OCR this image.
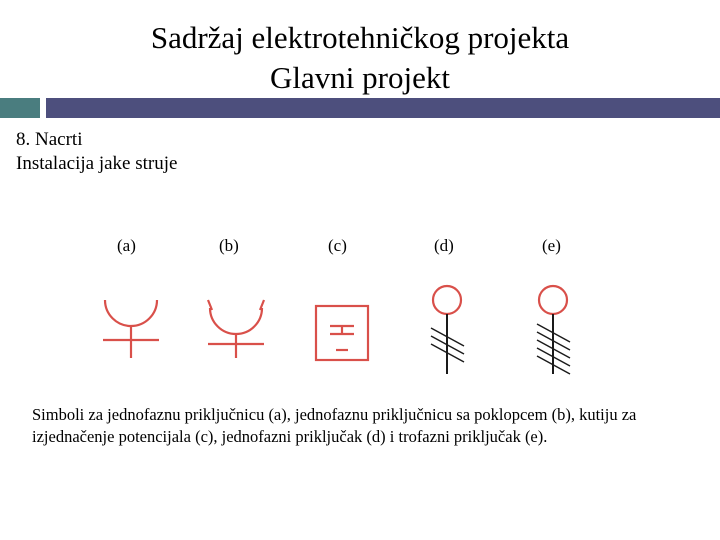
Sadržaj elektrotehničkog projekta
Glavni projekt
8. Nacrti
Instalacija jake struje
(a)	(b)	(c)	(d)	(e)
Simboli za jednofaznu priključnicu (a), jednofaznu priključnicu sa poklopcem (b), kutiju za izjednačenje potencijala (c), jednofazni priključak (d) i trofazni priključak (e).
